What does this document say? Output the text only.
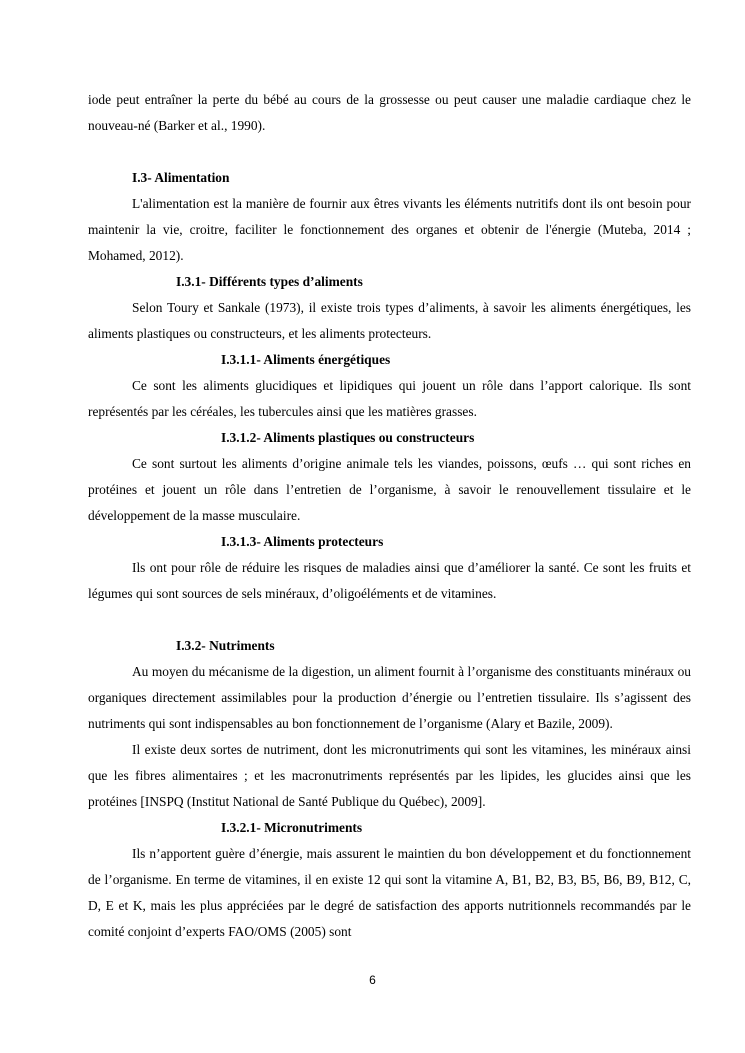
iode peut entraîner la perte du bébé au cours de la grossesse ou peut causer une maladie cardiaque chez le nouveau-né (Barker et al., 1990).

I.3- Alimentation

L'alimentation est la manière de fournir aux êtres vivants les éléments nutritifs dont ils ont besoin pour maintenir la vie, croitre, faciliter le fonctionnement des organes et obtenir de l'énergie (Muteba, 2014 ; Mohamed, 2012).

I.3.1- Différents types d’aliments

Selon Toury et Sankale (1973), il existe trois types d’aliments, à savoir les aliments énergétiques, les aliments plastiques ou constructeurs, et les aliments protecteurs.

I.3.1.1- Aliments énergétiques

Ce sont les aliments glucidiques et lipidiques qui jouent un rôle dans l’apport calorique. Ils sont représentés par les céréales, les tubercules ainsi que les matières grasses.

I.3.1.2- Aliments plastiques ou constructeurs

Ce sont surtout les aliments d’origine animale tels les viandes, poissons, œufs … qui sont riches en protéines et jouent un rôle dans l’entretien de l’organisme, à savoir le renouvellement tissulaire et le développement de la masse musculaire.

I.3.1.3- Aliments protecteurs

Ils ont pour rôle de réduire les risques de maladies ainsi que d’améliorer la santé. Ce sont les fruits et légumes qui sont sources de sels minéraux, d’oligoéléments et de vitamines.

I.3.2- Nutriments

Au moyen du mécanisme de la digestion, un aliment fournit à l’organisme des constituants minéraux ou organiques directement assimilables pour la production d’énergie ou l’entretien tissulaire. Ils s’agissent des nutriments qui sont indispensables au bon fonctionnement de l’organisme (Alary et Bazile, 2009).

Il existe deux sortes de nutriment, dont les micronutriments qui sont les vitamines, les minéraux ainsi que les fibres alimentaires ; et les macronutriments représentés par les lipides, les glucides ainsi que les protéines [INSPQ (Institut National de Santé Publique du Québec), 2009].

I.3.2.1- Micronutriments

Ils n’apportent guère d’énergie, mais assurent le maintien du bon développement et du fonctionnement de l’organisme. En terme de vitamines, il en existe 12 qui sont la vitamine A, B1, B2, B3, B5, B6, B9, B12, C, D, E et K, mais les plus appréciées par le degré de satisfaction des apports nutritionnels recommandés par le comité conjoint d’experts FAO/OMS (2005) sont

6
